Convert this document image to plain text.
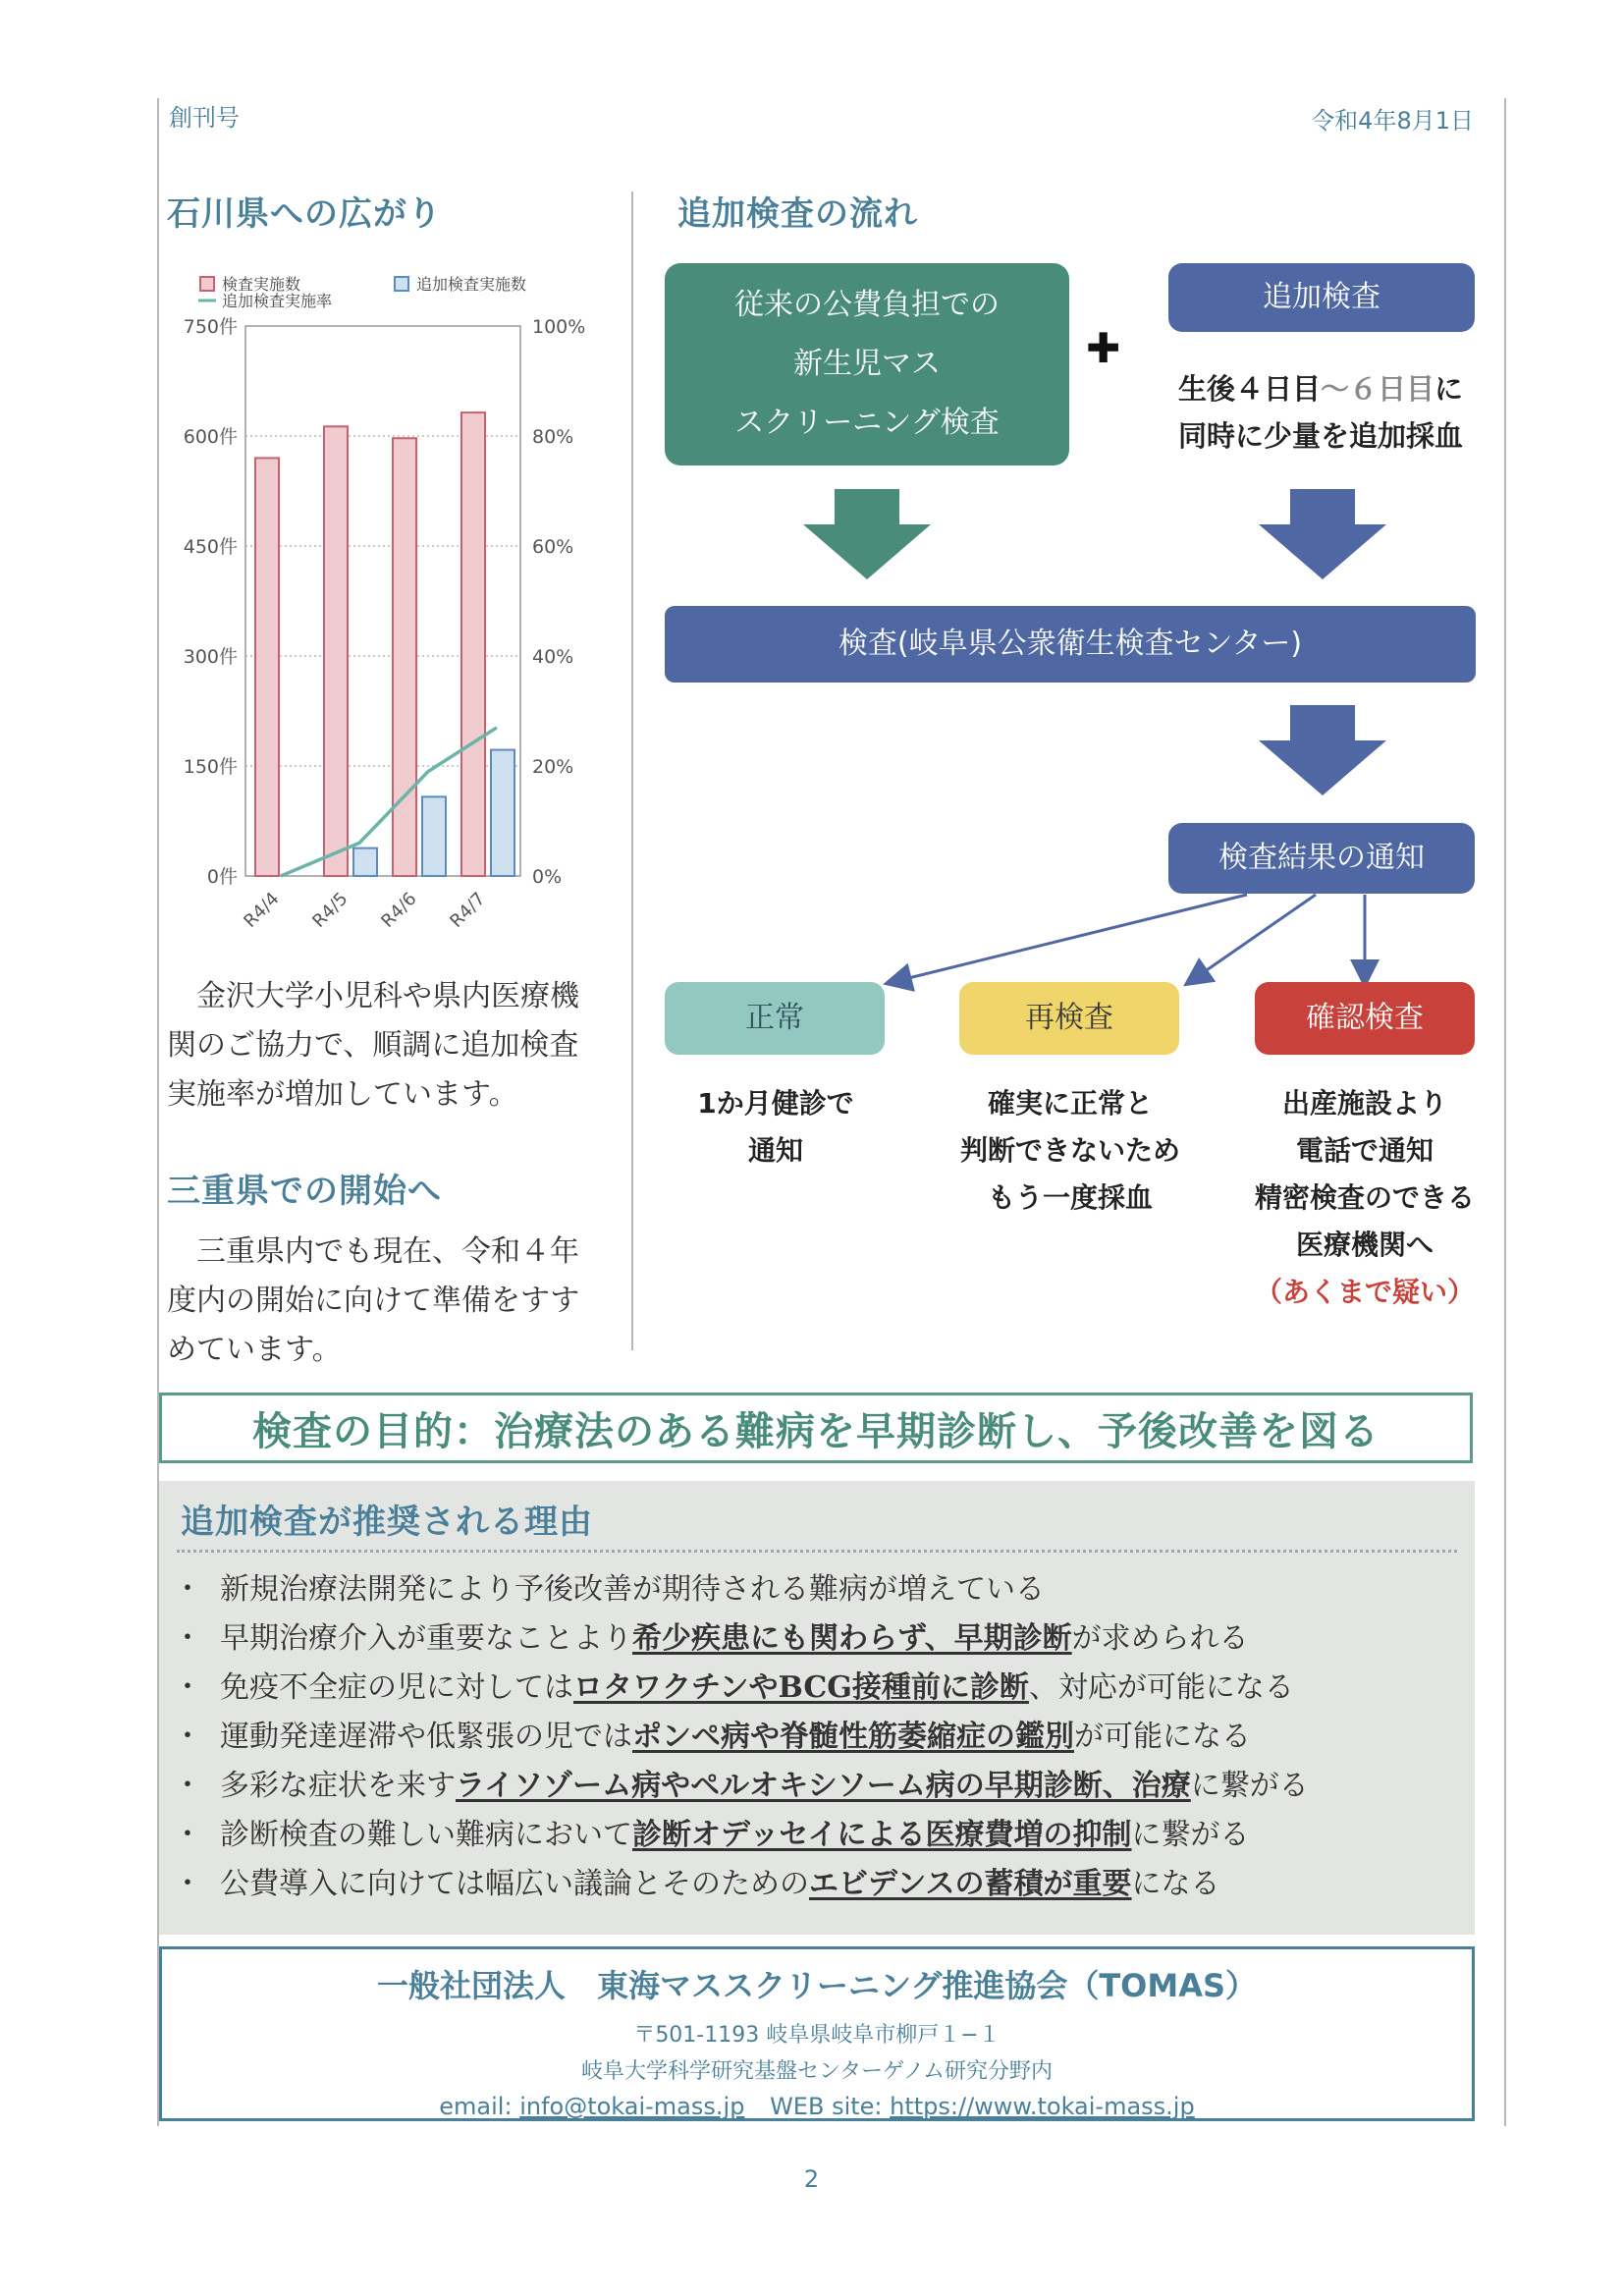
創刊号	令和4年8月1日
石川県への広がり
検査実施数	追加検査実施数
追加検査実施率
0件	0%
150件	20%
300件	40%
450件	60%
600件	80%
750件	100%
R4/4 R4/5 R4/6 R4/7
　金沢大学小児科や県内医療機
関のご協力で、順調に追加検査
実施率が増加しています。
三重県での開始へ
　三重県内でも現在、令和４年
度内の開始に向けて準備をすす
めています。
追加検査の流れ
従来の公費負担での
新生児マス
スクリーニング検査
✚
追加検査
生後４日目〜６日目に
同時に少量を追加採血
検査(岐阜県公衆衛生検査センター)
検査結果の通知
正常	再検査	確認検査
1か月健診で
通知
確実に正常と
判断できないため
もう一度採血
出産施設より
電話で通知
精密検査のできる
医療機関へ
（あくまで疑い）
検査の目的：治療法のある難病を早期診断し、予後改善を図る
追加検査が推奨される理由
・ 新規治療法開発により予後改善が期待される難病が増えている
・ 早期治療介入が重要なことより希少疾患にも関わらず、早期診断が求められる
・ 免疫不全症の児に対してはロタワクチンやBCG接種前に診断、対応が可能になる
・ 運動発達遅滞や低緊張の児ではポンペ病や脊髄性筋萎縮症の鑑別が可能になる
・ 多彩な症状を来すライソゾーム病やペルオキシソーム病の早期診断、治療に繋がる
・ 診断検査の難しい難病において診断オデッセイによる医療費増の抑制に繋がる
・ 公費導入に向けては幅広い議論とそのためのエビデンスの蓄積が重要になる
一般社団法人　東海マススクリーニング推進協会（TOMAS）
〒501-1193 岐阜県岐阜市柳戸１−１
岐阜大学科学研究基盤センターゲノム研究分野内
email: info@tokai-mass.jp WEB site: https://www.tokai-mass.jp
2
